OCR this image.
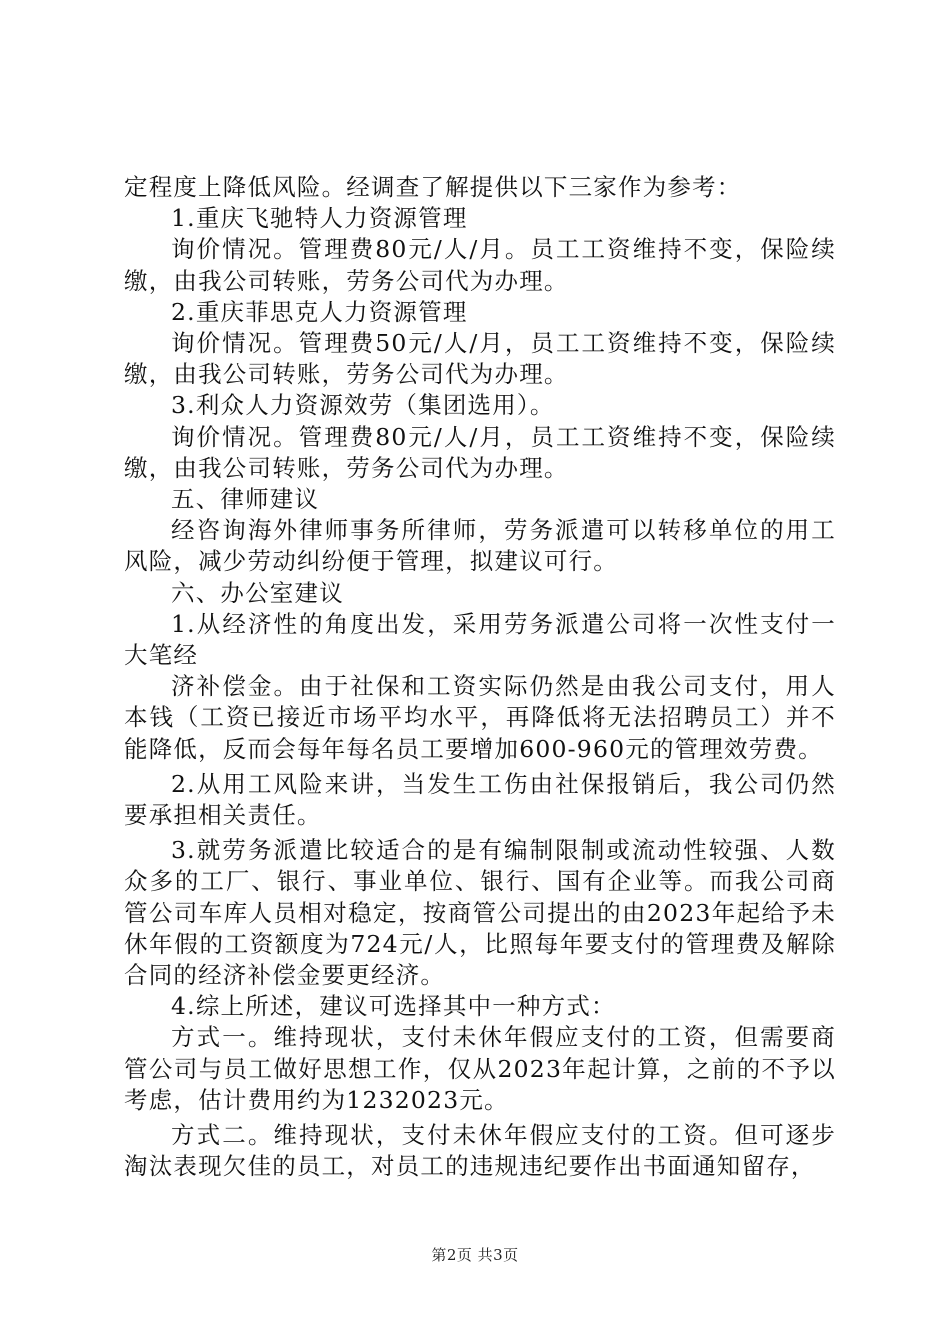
定程度上降低风险。经调查了解提供以下三家作为参考：

1.重庆飞驰特人力资源管理

询价情况。管理费80元/人/月。员工工资维持不变，保险续缴，由我公司转账，劳务公司代为办理。

2.重庆菲思克人力资源管理

询价情况。管理费50元/人/月，员工工资维持不变，保险续缴，由我公司转账，劳务公司代为办理。

3.利众人力资源效劳（集团选用）。

询价情况。管理费80元/人/月，员工工资维持不变，保险续缴，由我公司转账，劳务公司代为办理。

五、律师建议

经咨询海外律师事务所律师，劳务派遣可以转移单位的用工风险，减少劳动纠纷便于管理，拟建议可行。

六、办公室建议

1.从经济性的角度出发，采用劳务派遣公司将一次性支付一大笔经

济补偿金。由于社保和工资实际仍然是由我公司支付，用人本钱（工资已接近市场平均水平，再降低将无法招聘员工）并不能降低，反而会每年每名员工要增加600-960元的管理效劳费。

2.从用工风险来讲，当发生工伤由社保报销后，我公司仍然要承担相关责任。

3.就劳务派遣比较适合的是有编制限制或流动性较强、人数众多的工厂、银行、事业单位、银行、国有企业等。而我公司商管公司车库人员相对稳定，按商管公司提出的由2023年起给予未休年假的工资额度为724元/人，比照每年要支付的管理费及解除合同的经济补偿金要更经济。

4.综上所述，建议可选择其中一种方式：

方式一。维持现状，支付未休年假应支付的工资，但需要商管公司与员工做好思想工作，仅从2023年起计算，之前的不予以考虑，估计费用约为1232023元。

方式二。维持现状，支付未休年假应支付的工资。但可逐步淘汰表现欠佳的员工，对员工的违规违纪要作出书面通知留存，

第2页 共3页
